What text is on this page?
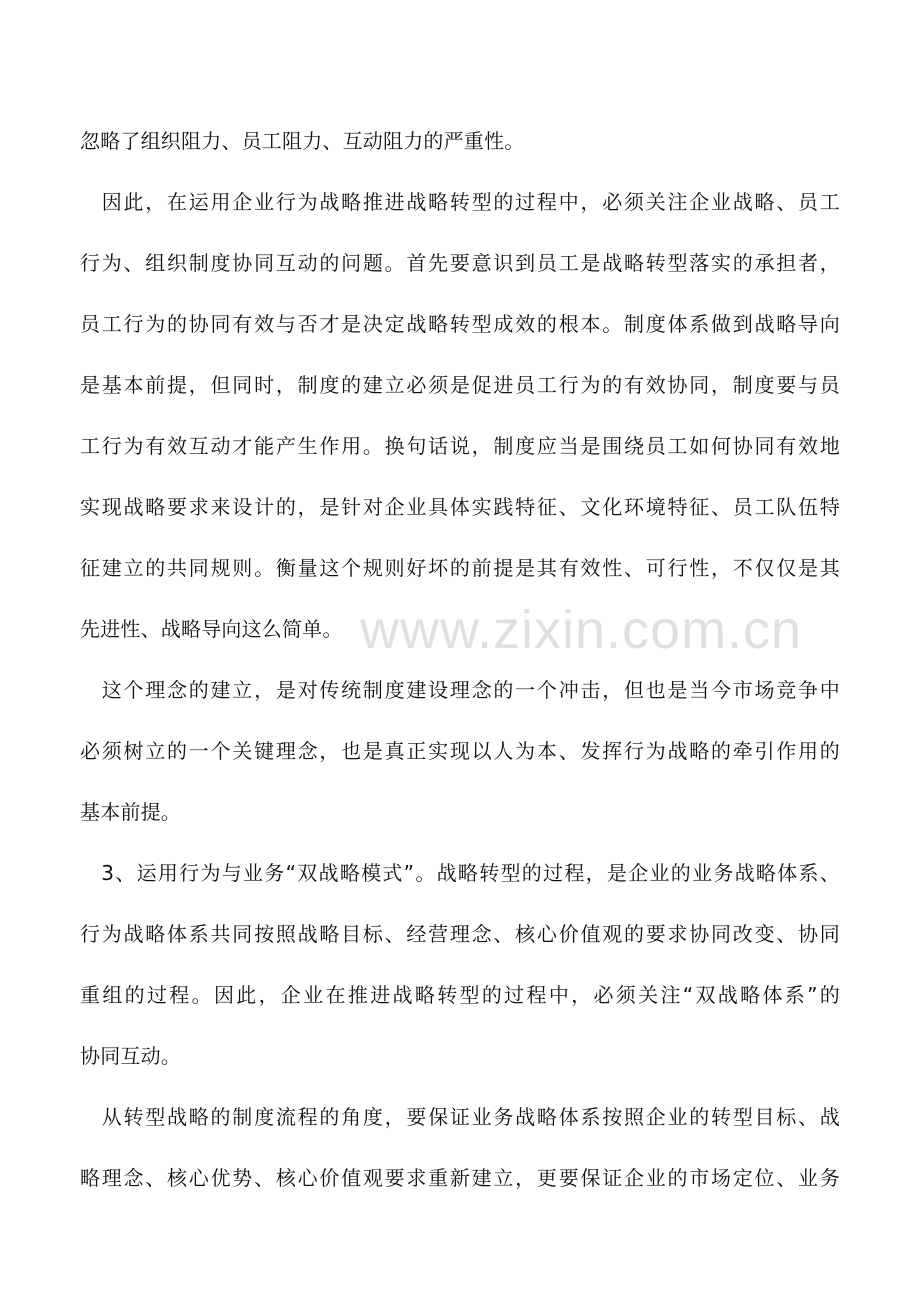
忽略了组织阻力、员工阻力、互动阻力的严重性。
　因此，在运用企业行为战略推进战略转型的过程中，必须关注企业战略、员工
行为、组织制度协同互动的问题。首先要意识到员工是战略转型落实的承担者，
员工行为的协同有效与否才是决定战略转型成效的根本。制度体系做到战略导向
是基本前提，但同时，制度的建立必须是促进员工行为的有效协同，制度要与员
工行为有效互动才能产生作用。换句话说，制度应当是围绕员工如何协同有效地
实现战略要求来设计的，是针对企业具体实践特征、文化环境特征、员工队伍特
征建立的共同规则。衡量这个规则好坏的前提是其有效性、可行性，不仅仅是其
先进性、战略导向这么简单。
　这个理念的建立，是对传统制度建设理念的一个冲击，但也是当今市场竞争中
必须树立的一个关键理念，也是真正实现以人为本、发挥行为战略的牵引作用的
基本前提。
　3、运用行为与业务“双战略模式”。战略转型的过程，是企业的业务战略体系、
行为战略体系共同按照战略目标、经营理念、核心价值观的要求协同改变、协同
重组的过程。因此，企业在推进战略转型的过程中，必须关注“双战略体系”的
协同互动。
　从转型战略的制度流程的角度，要保证业务战略体系按照企业的转型目标、战
略理念、核心优势、核心价值观要求重新建立，更要保证企业的市场定位、业务
www.zixin.com.cn
